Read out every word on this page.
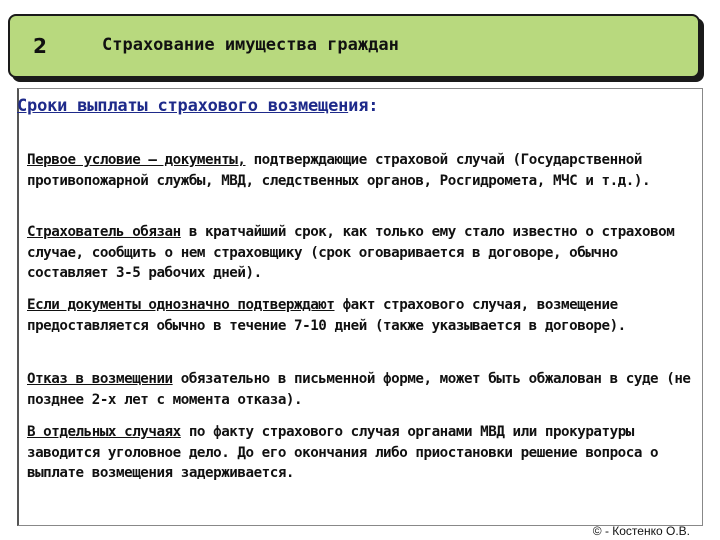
2	Страхование имущества граждан
Сроки выплаты страхового возмещения:
Первое условие – документы, подтверждающие страховой случай (Государственной противопожарной службы, МВД, следственных органов, Росгидромета, МЧС и т.д.).
Страхователь обязан в кратчайший срок, как только ему стало известно о страховом случае, сообщить о нем страховщику (срок оговаривается в договоре, обычно составляет 3-5 рабочих дней).
Если документы однозначно подтверждают факт страхового случая, возмещение предоставляется обычно в течение 7-10 дней (также указывается в договоре).
Отказ в возмещении обязательно в письменной форме, может быть обжалован в суде (не позднее 2-х лет с момента отказа).
В отдельных случаях по факту страхового случая органами МВД или прокуратуры заводится уголовное дело. До его окончания либо приостановки решение вопроса о выплате возмещения задерживается.
© - Костенко О.В.
